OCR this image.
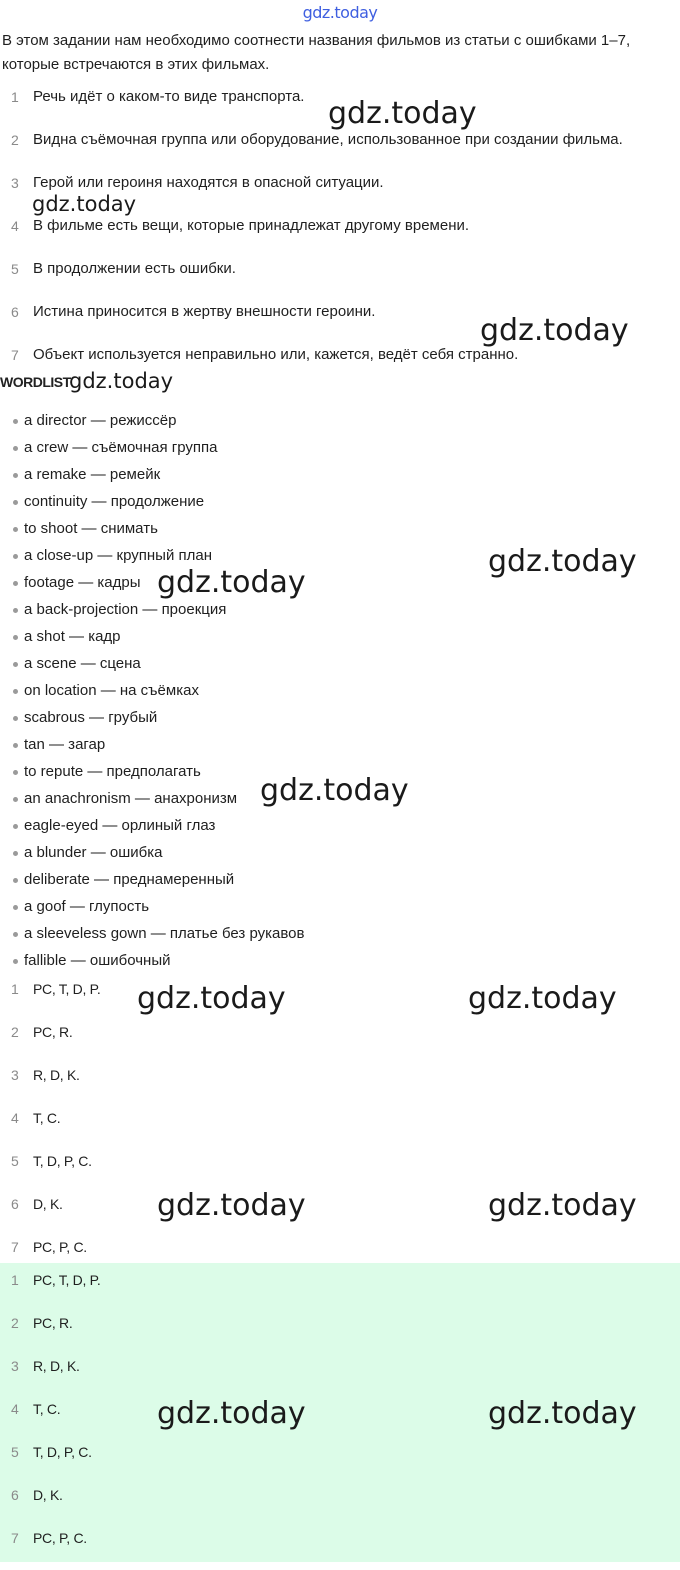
gdz.today
В этом задании нам необходимо соотнести названия фильмов из статьи с ошибками 1–7, которые встречаются в этих фильмах.
1 Речь идёт о каком-то виде транспорта.
2 Видна съёмочная группа или оборудование, использованное при создании фильма.
3 Герой или героиня находятся в опасной ситуации.
4 В фильме есть вещи, которые принадлежат другому времени.
5 В продолжении есть ошибки.
6 Истина приносится в жертву внешности героини.
7 Объект используется неправильно или, кажется, ведёт себя странно.
WORDLIST
a director — режиссёр
a crew — съёмочная группа
a remake — ремейк
continuity — продолжение
to shoot — снимать
a close-up — крупный план
footage — кадры
a back-projection — проекция
a shot — кадр
a scene — сцена
on location — на съёмках
scabrous — грубый
tan — загар
to repute — предполагать
an anachronism — анахронизм
eagle-eyed — орлиный глаз
a blunder — ошибка
deliberate — преднамеренный
a goof — глупость
a sleeveless gown — платье без рукавов
fallible — ошибочный
1	PC, T, D, P.
2	PC, R.
3	R, D, K.
4	T, C.
5	T, D, P, C.
6	D, K.
7	PC, P, C.
1	PC, T, D, P.
2	PC, R.
3	R, D, K.
4	T, C.
5	T, D, P, C.
6	D, K.
7	PC, P, C.
gdz.today
gdz.today
gdz.today
gdz.today
gdz.today
gdz.today
gdz.today
gdz.today	gdz.today
gdz.today	gdz.today
gdz.today	gdz.today
